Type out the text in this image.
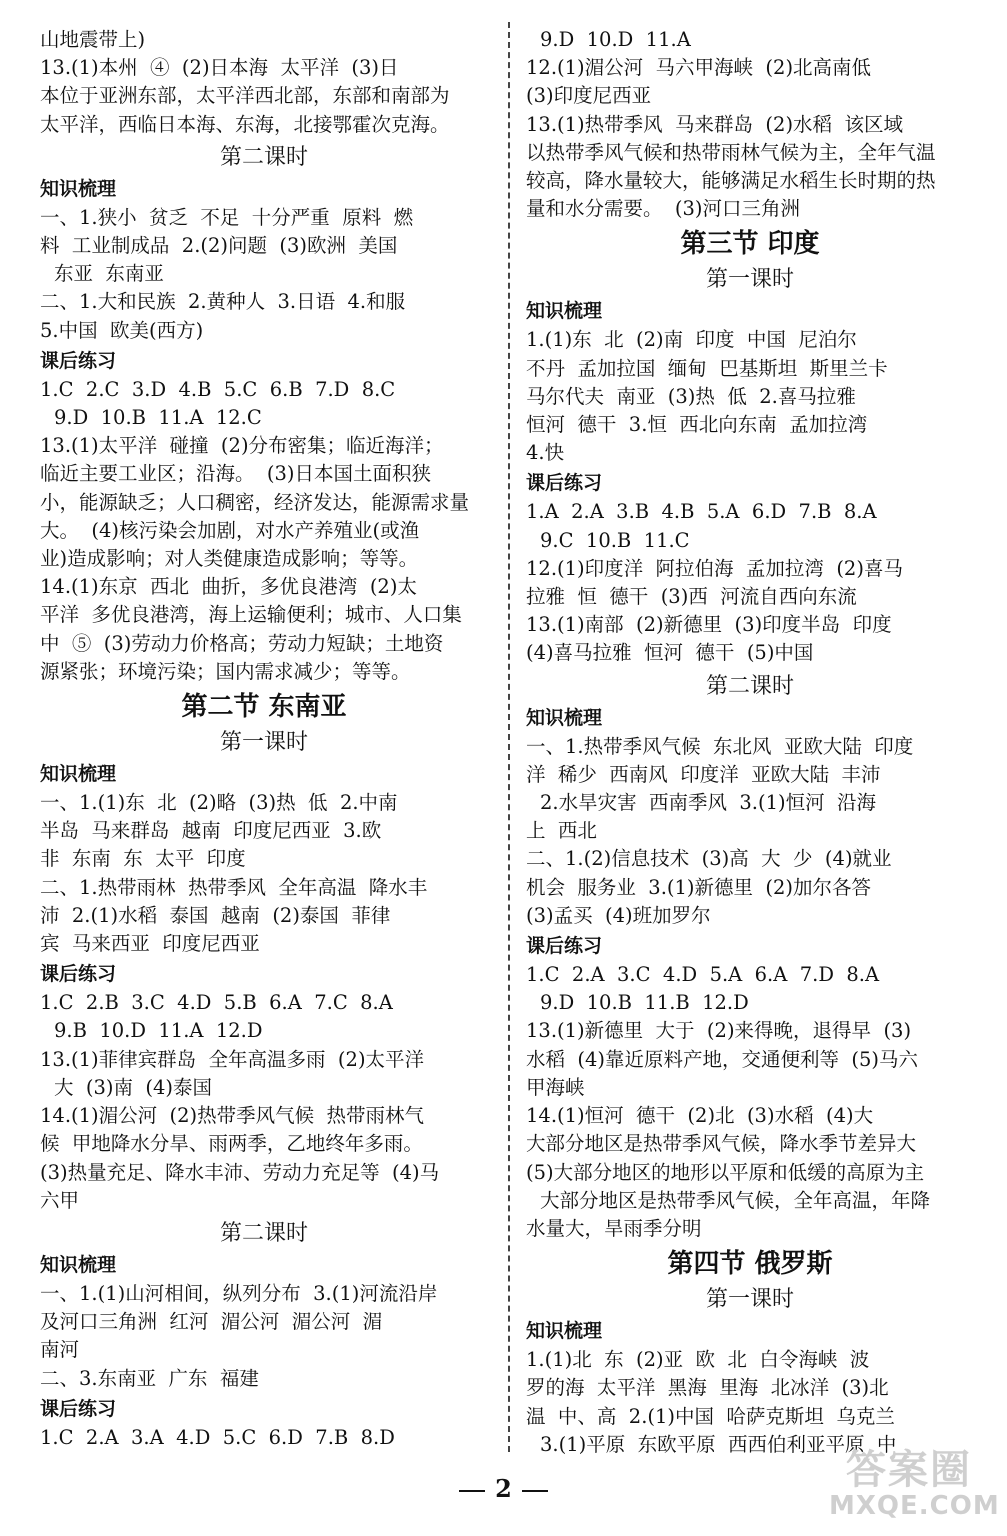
山地震带上)
13.(1)本州  ④  (2)日本海  太平洋  (3)日
本位于亚洲东部，太平洋西北部，东部和南部为
太平洋，西临日本海、东海，北接鄂霍次克海。
第二课时
知识梳理
一、1.狭小  贫乏  不足  十分严重  原料  燃
料  工业制成品  2.(2)问题  (3)欧洲  美国
东亚  东南亚
二、1.大和民族  2.黄种人  3.日语  4.和服
5.中国  欧美(西方)
课后练习
1.C  2.C  3.D  4.B  5.C  6.B  7.D  8.C
9.D  10.B  11.A  12.C
13.(1)太平洋  碰撞  (2)分布密集；临近海洋；
临近主要工业区；沿海。  (3)日本国土面积狭
小，能源缺乏；人口稠密，经济发达，能源需求量
大。  (4)核污染会加剧，对水产养殖业(或渔
业)造成影响；对人类健康造成影响；等等。
14.(1)东京  西北  曲折，多优良港湾  (2)太
平洋  多优良港湾，海上运输便利；城市、人口集
中  ⑤  (3)劳动力价格高；劳动力短缺；土地资
源紧张；环境污染；国内需求减少；等等。
第二节 东南亚
第一课时
知识梳理
一、1.(1)东  北  (2)略  (3)热  低  2.中南
半岛  马来群岛  越南  印度尼西亚  3.欧
非  东南  东  太平  印度
二、1.热带雨林  热带季风  全年高温  降水丰
沛  2.(1)水稻  泰国  越南  (2)泰国  菲律
宾  马来西亚  印度尼西亚
课后练习
1.C  2.B  3.C  4.D  5.B  6.A  7.C  8.A
9.B  10.D  11.A  12.D
13.(1)菲律宾群岛  全年高温多雨  (2)太平洋
大  (3)南  (4)泰国
14.(1)湄公河  (2)热带季风气候  热带雨林气
候  甲地降水分旱、雨两季，乙地终年多雨。
(3)热量充足、降水丰沛、劳动力充足等  (4)马
六甲
第二课时
知识梳理
一、1.(1)山河相间，纵列分布  3.(1)河流沿岸
及河口三角洲  红河  湄公河  湄公河  湄
南河
二、3.东南亚  广东  福建
课后练习
1.C  2.A  3.A  4.D  5.C  6.D  7.B  8.D
9.D  10.D  11.A
12.(1)湄公河  马六甲海峡  (2)北高南低
(3)印度尼西亚
13.(1)热带季风  马来群岛  (2)水稻  该区域
以热带季风气候和热带雨林气候为主，全年气温
较高，降水量较大，能够满足水稻生长时期的热
量和水分需要。  (3)河口三角洲
第三节 印度
第一课时
知识梳理
1.(1)东  北  (2)南  印度  中国  尼泊尔
不丹  孟加拉国  缅甸  巴基斯坦  斯里兰卡
马尔代夫  南亚  (3)热  低  2.喜马拉雅
恒河  德干  3.恒  西北向东南  孟加拉湾
4.快
课后练习
1.A  2.A  3.B  4.B  5.A  6.D  7.B  8.A
9.C  10.B  11.C
12.(1)印度洋  阿拉伯海  孟加拉湾  (2)喜马
拉雅  恒  德干  (3)西  河流自西向东流
13.(1)南部  (2)新德里  (3)印度半岛  印度
(4)喜马拉雅  恒河  德干  (5)中国
第二课时
知识梳理
一、1.热带季风气候  东北风  亚欧大陆  印度
洋  稀少  西南风  印度洋  亚欧大陆  丰沛
2.水旱灾害  西南季风  3.(1)恒河  沿海
上  西北
二、1.(2)信息技术  (3)高  大  少  (4)就业
机会  服务业  3.(1)新德里  (2)加尔各答
(3)孟买  (4)班加罗尔
课后练习
1.C  2.A  3.C  4.D  5.A  6.A  7.D  8.A
9.D  10.B  11.B  12.D
13.(1)新德里  大于  (2)来得晚，退得早  (3)
水稻  (4)靠近原料产地，交通便利等  (5)马六
甲海峡
14.(1)恒河  德干  (2)北  (3)水稻  (4)大
大部分地区是热带季风气候，降水季节差异大
(5)大部分地区的地形以平原和低缓的高原为主
大部分地区是热带季风气候，全年高温，年降
水量大，旱雨季分明
第四节 俄罗斯
第一课时
知识梳理
1.(1)北  东  (2)亚  欧  北  白令海峡  波
罗的海  太平洋  黑海  里海  北冰洋  (3)北
温  中、高  2.(1)中国  哈萨克斯坦  乌克兰
3.(1)平原  东欧平原  西西伯利亚平原  中
2	答案圈
MXQE.COM
